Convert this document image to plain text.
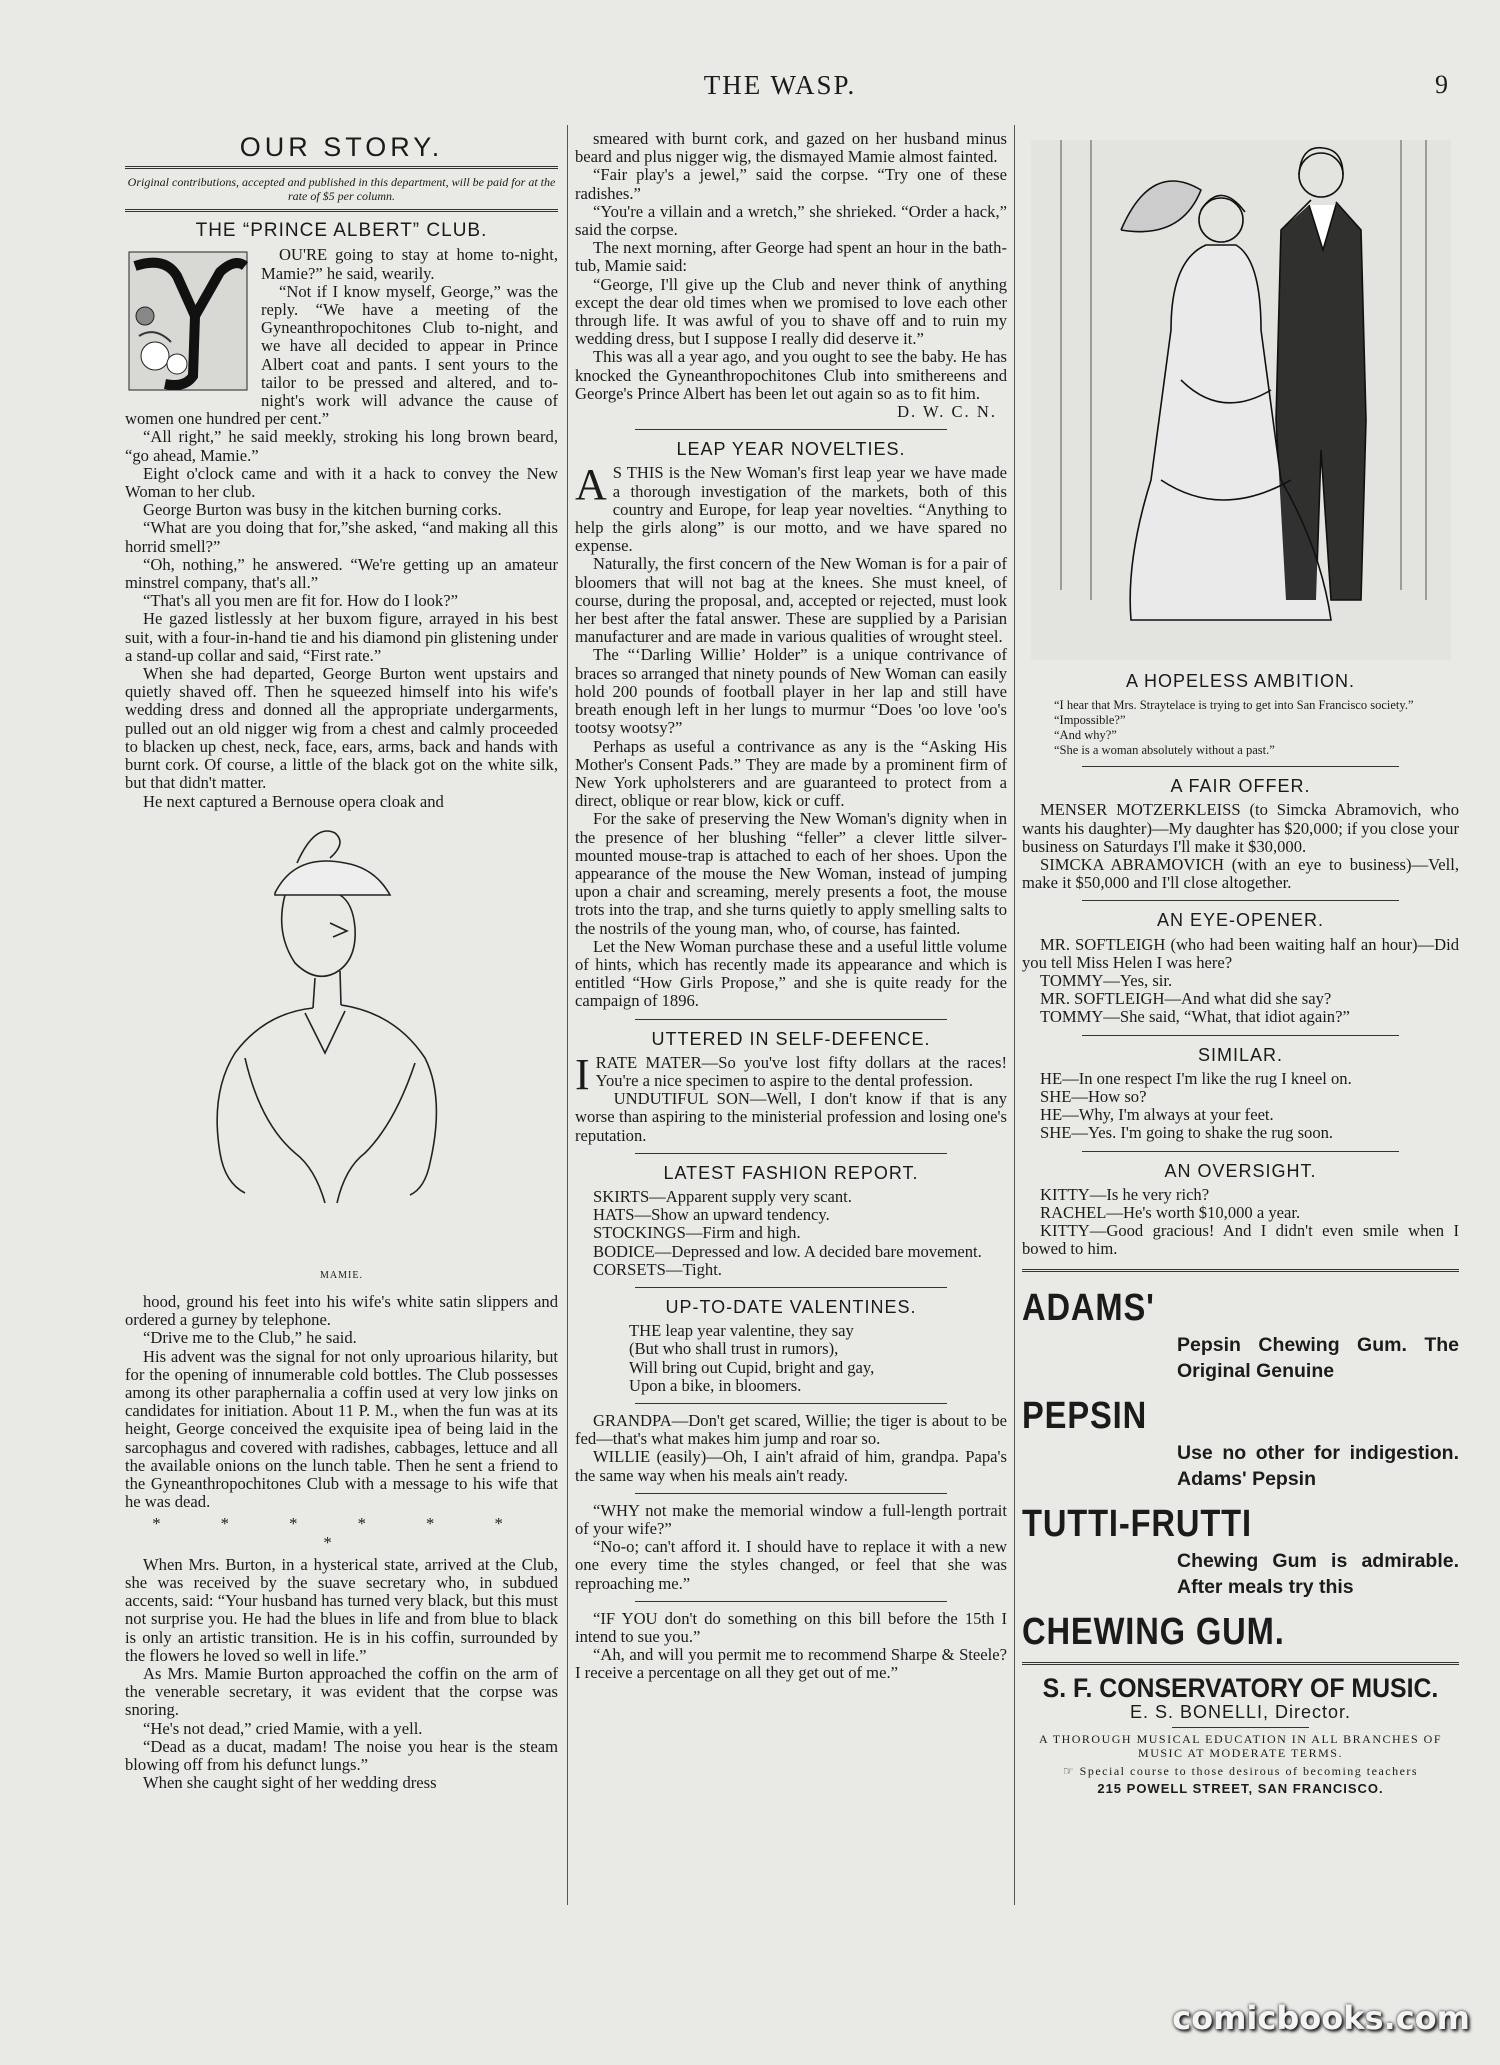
THE WASP.	9
OUR STORY.
Original contributions, accepted and published in this department, will be paid for at the rate of $5 per column.
THE “PRINCE ALBERT” CLUB.

OU'RE going to stay at home to-night, Mamie?” he said, wearily.

“Not if I know myself, George,” was the reply. “We have a meeting of the Gyneanthropochitones Club to-night, and we have all decided to appear in Prince Albert coat and pants. I sent yours to the tailor to be pressed and altered, and to-night's work will advance the cause of women one hundred per cent.”

“All right,” he said meekly, stroking his long brown beard, “go ahead, Mamie.”

Eight o'clock came and with it a hack to convey the New Woman to her club.

George Burton was busy in the kitchen burning corks.

“What are you doing that for,”she asked, “and making all this horrid smell?”

“Oh, nothing,” he answered. “We're getting up an amateur minstrel company, that's all.”

“That's all you men are fit for. How do I look?”

He gazed listlessly at her buxom figure, arrayed in his best suit, with a four-in-hand tie and his diamond pin glistening under a stand-up collar and said, “First rate.”

When she had departed, George Burton went upstairs and quietly shaved off. Then he squeezed himself into his wife's wedding dress and donned all the appropriate undergarments, pulled out an old nigger wig from a chest and calmly proceeded to blacken up chest, neck, face, ears, arms, back and hands with burnt cork. Of course, a little of the black got on the white silk, but that didn't matter.

He next captured a Bernouse opera cloak and

MAMIE.

hood, ground his feet into his wife's white satin slippers and ordered a gurney by telephone.

“Drive me to the Club,” he said.

His advent was the signal for not only uproarious hilarity, but for the opening of innumerable cold bottles. The Club possesses among its other paraphernalia a coffin used at very low jinks on candidates for initiation. About 11 P. M., when the fun was at its height, George conceived the exquisite ipea of being laid in the sarcophagus and covered with radishes, cabbages, lettuce and all the available onions on the lunch table. Then he sent a friend to the Gyneanthropochitones Club with a message to his wife that he was dead.

* * * * * * *

When Mrs. Burton, in a hysterical state, arrived at the Club, she was received by the suave secretary who, in subdued accents, said: “Your husband has turned very black, but this must not surprise you. He had the blues in life and from blue to black is only an artistic transition. He is in his coffin, surrounded by the flowers he loved so well in life.”

As Mrs. Mamie Burton approached the coffin on the arm of the venerable secretary, it was evident that the corpse was snoring.

“He's not dead,” cried Mamie, with a yell.

“Dead as a ducat, madam! The noise you hear is the steam blowing off from his defunct lungs.”

When she caught sight of her wedding dress

smeared with burnt cork, and gazed on her husband minus beard and plus nigger wig, the dismayed Mamie almost fainted.

“Fair play's a jewel,” said the corpse. “Try one of these radishes.”

“You're a villain and a wretch,” she shrieked. “Order a hack,” said the corpse.

The next morning, after George had spent an hour in the bath-tub, Mamie said:

“George, I'll give up the Club and never think of anything except the dear old times when we promised to love each other through life. It was awful of you to shave off and to ruin my wedding dress, but I suppose I really did deserve it.”

This was all a year ago, and you ought to see the baby. He has knocked the Gyneanthropochitones Club into smithereens and George's Prince Albert has been let out again so as to fit him.

D. W. C. N.

LEAP YEAR NOVELTIES.

A S THIS is the New Woman's first leap year we have made a thorough investigation of the markets, both of this country and Europe, for leap year novelties. “Anything to help the girls along” is our motto, and we have spared no expense.

Naturally, the first concern of the New Woman is for a pair of bloomers that will not bag at the knees. She must kneel, of course, during the proposal, and, accepted or rejected, must look her best after the fatal answer. These are supplied by a Parisian manufacturer and are made in various qualities of wrought steel.

The “‘Darling Willie’ Holder” is a unique contrivance of braces so arranged that ninety pounds of New Woman can easily hold 200 pounds of football player in her lap and still have breath enough left in her lungs to murmur “Does 'oo love 'oo's tootsy wootsy?”

Perhaps as useful a contrivance as any is the “Asking His Mother's Consent Pads.” They are made by a prominent firm of New York upholsterers and are guaranteed to protect from a direct, oblique or rear blow, kick or cuff.

For the sake of preserving the New Woman's dignity when in the presence of her blushing “feller” a clever little silver-mounted mouse-trap is attached to each of her shoes. Upon the appearance of the mouse the New Woman, instead of jumping upon a chair and screaming, merely presents a foot, the mouse trots into the trap, and she turns quietly to apply smelling salts to the nostrils of the young man, who, of course, has fainted.

Let the New Woman purchase these and a useful little volume of hints, which has recently made its appearance and which is entitled “How Girls Propose,” and she is quite ready for the campaign of 1896.

UTTERED IN SELF-DEFENCE.

IRATE MATER—So you've lost fifty dollars at the races! You're a nice specimen to aspire to the dental profession.

UNDUTIFUL SON—Well, I don't know if that is any worse than aspiring to the ministerial profession and losing one's reputation.

LATEST FASHION REPORT.

SKIRTS—Apparent supply very scant.

HATS—Show an upward tendency.

STOCKINGS—Firm and high.

BODICE—Depressed and low. A decided bare movement.

CORSETS—Tight.

UP-TO-DATE VALENTINES.

THE leap year valentine, they say

(But who shall trust in rumors),

Will bring out Cupid, bright and gay,

Upon a bike, in bloomers.

GRANDPA—Don't get scared, Willie; the tiger is about to be fed—that's what makes him jump and roar so.

WILLIE (easily)—Oh, I ain't afraid of him, grandpa. Papa's the same way when his meals ain't ready.

“WHY not make the memorial window a full-length portrait of your wife?”

“No-o; can't afford it. I should have to replace it with a new one every time the styles changed, or feel that she was reproaching me.”

“IF YOU don't do something on this bill before the 15th I intend to sue you.”

“Ah, and will you permit me to recommend Sharpe & Steele? I receive a percentage on all they get out of me.”

A HOPELESS AMBITION.

“I hear that Mrs. Straytelace is trying to get into San Francisco society.”

“Impossible?”

“And why?”

“She is a woman absolutely without a past.”

A FAIR OFFER.

MENSER MOTZERKLEISS (to Simcka Abramovich, who wants his daughter)—My daughter has $20,000; if you close your business on Saturdays I'll make it $30,000.

SIMCKA ABRAMOVICH (with an eye to business)—Vell, make it $50,000 and I'll close altogether.

AN EYE-OPENER.

MR. SOFTLEIGH (who had been waiting half an hour)—Did you tell Miss Helen I was here?

TOMMY—Yes, sir.

MR. SOFTLEIGH—And what did she say?

TOMMY—She said, “What, that idiot again?”

SIMILAR.

HE—In one respect I'm like the rug I kneel on.

SHE—How so?

HE—Why, I'm always at your feet.

SHE—Yes. I'm going to shake the rug soon.

AN OVERSIGHT.

KITTY—Is he very rich?

RACHEL—He's worth $10,000 a year.

KITTY—Good gracious! And I didn't even smile when I bowed to him.

ADAMS'
Pepsin Chewing Gum. The Original Genuine
PEPSIN
Use no other for indigestion. Adams' Pepsin
TUTTI-FRUTTI
Chewing Gum is admirable. After meals try this
CHEWING GUM.
S. F. CONSERVATORY OF MUSIC.
E. S. BONELLI, Director.
A THOROUGH MUSICAL EDUCATION IN ALL BRANCHES OF MUSIC AT MODERATE TERMS.
☞ Special course to those desirous of becoming teachers
215 POWELL STREET, SAN FRANCISCO.
comicbooks.com
